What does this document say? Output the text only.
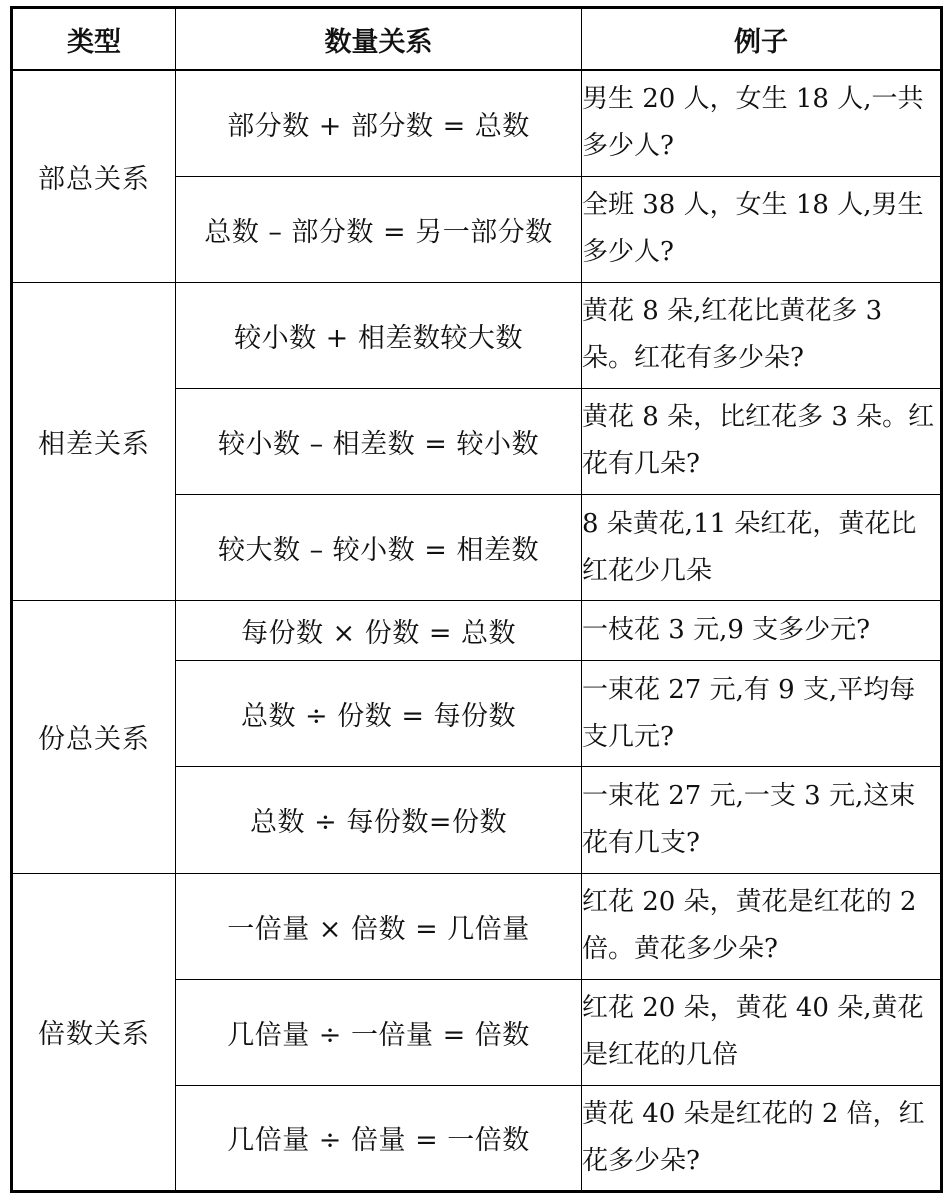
类型	数量关系	例子
部总关系	部分数 + 部分数 = 总数	男生 20 人，女生 18 人,一共多少人?
	总数 – 部分数 = 另一部分数	全班 38 人，女生 18 人,男生多少人?
相差关系	较小数 + 相差数较大数	黄花 8 朵,红花比黄花多 3 朵。红花有多少朵?
	较小数 – 相差数 = 较小数	黄花 8 朵，比红花多 3 朵。红花有几朵?
	较大数 – 较小数 = 相差数	8 朵黄花,11 朵红花，黄花比红花少几朵
份总关系	每份数 × 份数 = 总数	一枝花 3 元,9 支多少元?
	总数 ÷ 份数 = 每份数	一束花 27 元,有 9 支,平均每支几元?
	总数 ÷ 每份数=份数	一束花 27 元,一支 3 元,这束花有几支?
倍数关系	一倍量 × 倍数 = 几倍量	红花 20 朵，黄花是红花的 2 倍。黄花多少朵?
	几倍量 ÷ 一倍量 = 倍数	红花 20 朵，黄花 40 朵,黄花是红花的几倍
	几倍量 ÷ 倍量 = 一倍数	黄花 40 朵是红花的 2 倍，红花多少朵?
